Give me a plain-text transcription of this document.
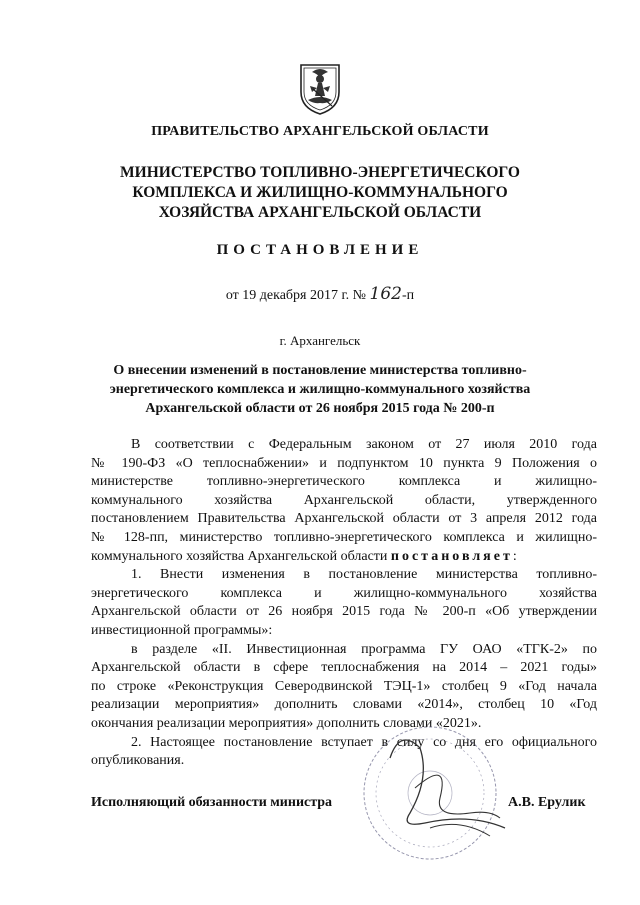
ПРАВИТЕЛЬСТВО АРХАНГЕЛЬСКОЙ ОБЛАСТИ
МИНИСТЕРСТВО ТОПЛИВНО-ЭНЕРГЕТИЧЕСКОГО
КОМПЛЕКСА И ЖИЛИЩНО-КОММУНАЛЬНОГО
ХОЗЯЙСТВА АРХАНГЕЛЬСКОЙ ОБЛАСТИ
ПОСТАНОВЛЕНИЕ
от 19 декабря 2017 г. № 162-п
г. Архангельск
О внесении изменений в постановление министерства топливно-
энергетического комплекса и жилищно-коммунального хозяйства
Архангельской области от 26 ноября 2015 года № 200-п
В соответствии с Федеральным законом от 27 июля 2010 года
№ 190-ФЗ «О теплоснабжении» и подпунктом 10 пункта 9 Положения о
министерстве топливно-энергетического комплекса и жилищно-
коммунального хозяйства Архангельской области, утвержденного
постановлением Правительства Архангельской области от 3 апреля 2012 года
№ 128-пп, министерство топливно-энергетического комплекса и жилищно-
коммунального хозяйства Архангельской области постановляет:
1. Внести изменения в постановление министерства топливно-
энергетического комплекса и жилищно-коммунального хозяйства
Архангельской области от 26 ноября 2015 года № 200-п «Об утверждении
инвестиционной программы»:
в разделе «II. Инвестиционная программа ГУ ОАО «ТГК-2» по
Архангельской области в сфере теплоснабжения на 2014 – 2021 годы»
по строке «Реконструкция Северодвинской ТЭЦ-1» столбец 9 «Год начала
реализации мероприятия» дополнить словами «2014», столбец 10 «Год
окончания реализации мероприятия» дополнить словами «2021».
2. Настоящее постановление вступает в силу со дня его официального
опубликования.
Исполняющий обязанности министра	А.В. Ерулик
